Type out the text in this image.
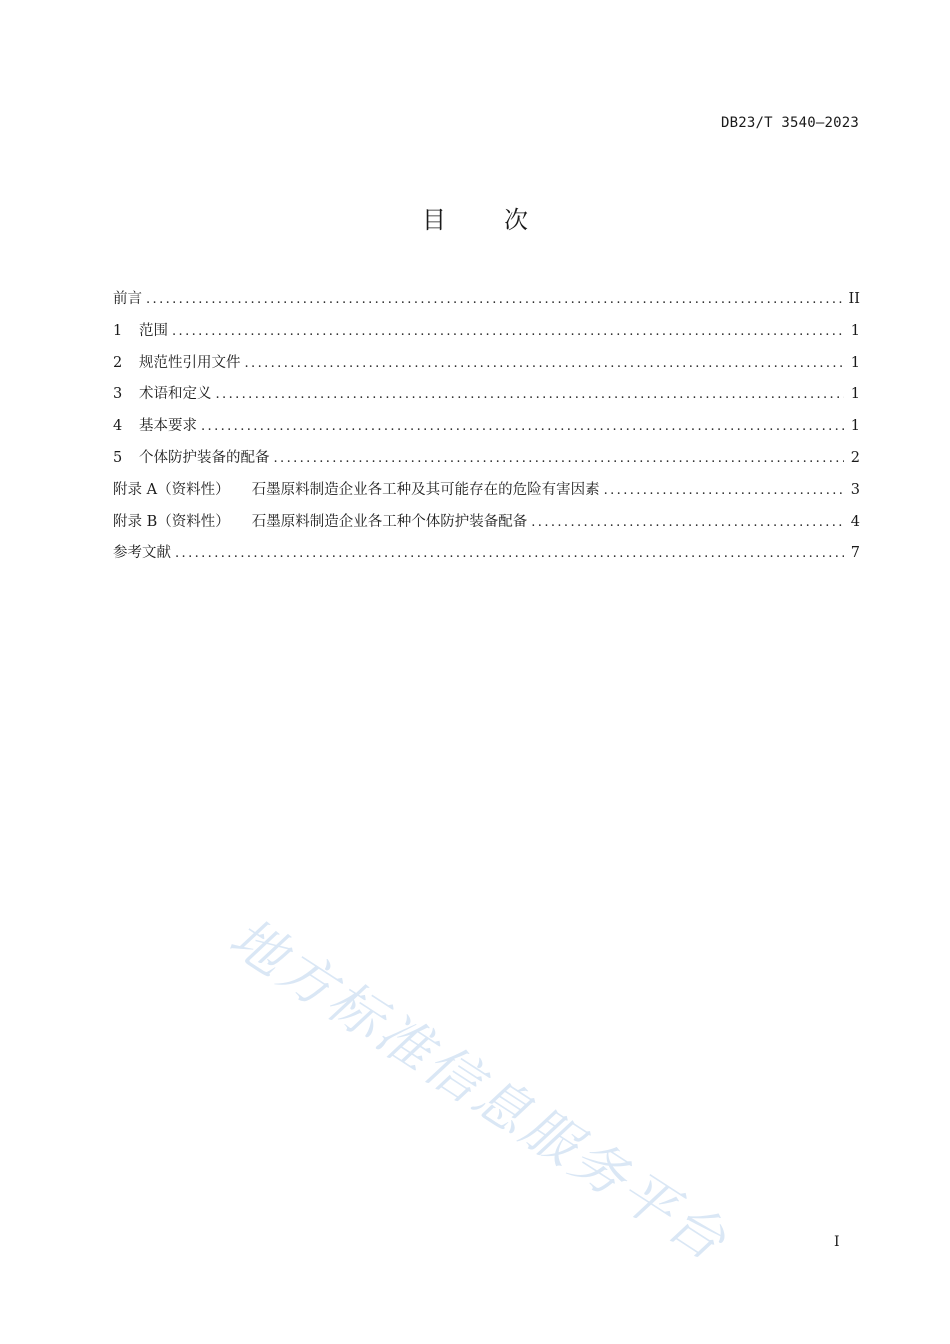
DB23/T 3540—2023
目 次
前言 .....	II
1	范围 .....	1
2	规范性引用文件 .....	1
3	术语和定义 .....	1
4	基本要求 .....	1
5	个体防护装备的配备 .....	2
附录 A（资料性） 石墨原料制造企业各工种及其可能存在的危险有害因素 .....	3
附录 B（资料性） 石墨原料制造企业各工种个体防护装备配备 .....	4
参考文献 .....	7
地方标准信息服务平台	I
